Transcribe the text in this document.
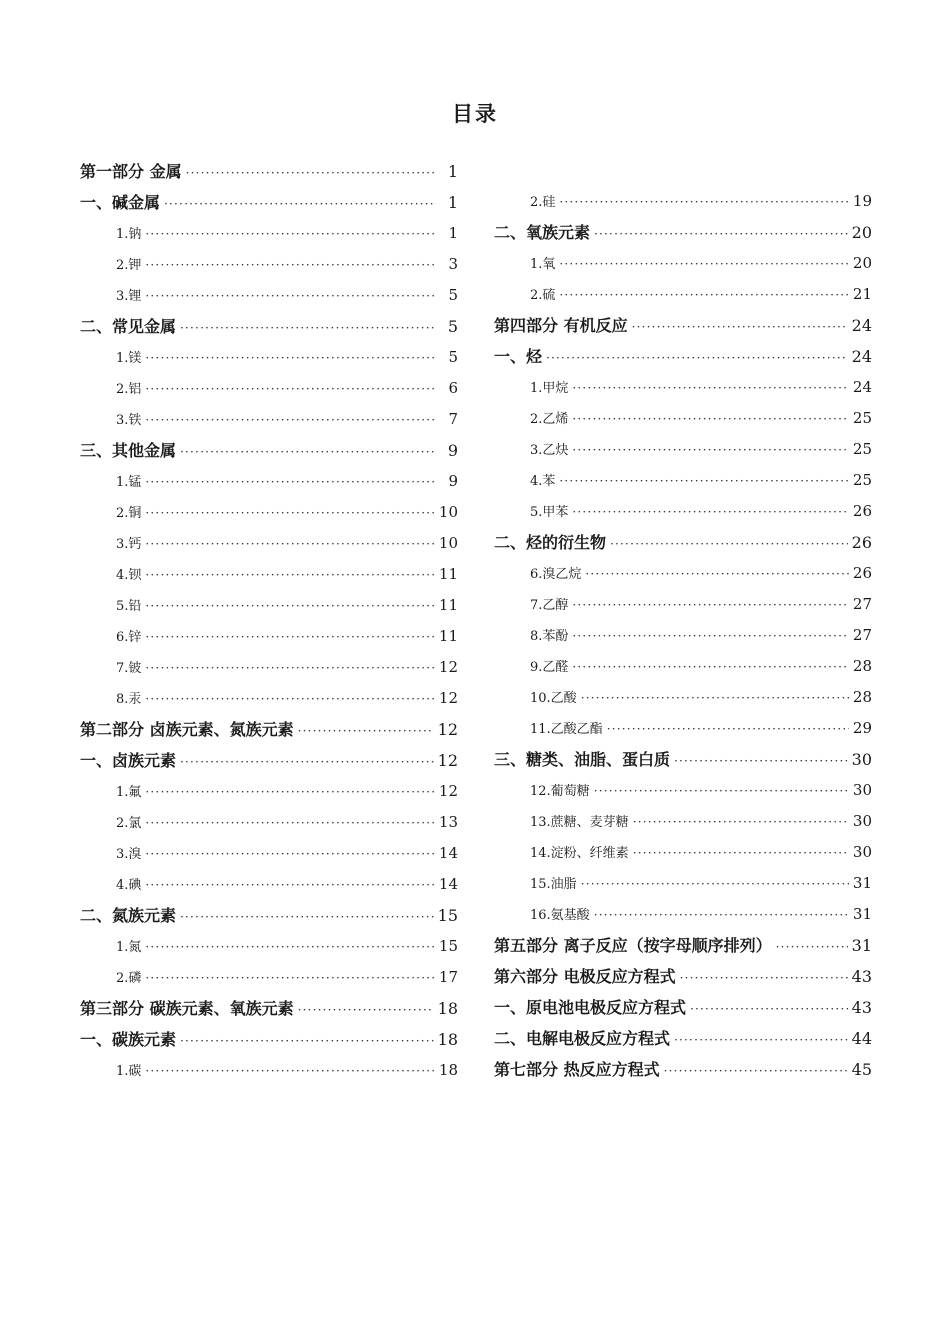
目录
第一部分 金属 ·····	1
一、碱金属 ·····	1
1.钠 ·····	1
2.钾 ·····	3
3.锂 ·····	5
二、常见金属 ·····	5
1.镁 ·····	5
2.铝 ·····	6
3.铁 ·····	7
三、其他金属 ·····	9
1.锰 ·····	9
2.铜 ·····	10
3.钙 ·····	10
4.钡 ·····	11
5.铅 ·····	11
6.锌 ·····	11
7.铍 ·····	12
8.汞 ·····	12
第二部分 卤族元素、氮族元素 ·····	12
一、卤族元素 ·····	12
1.氟 ·····	12
2.氯 ·····	13
3.溴 ·····	14
4.碘 ·····	14
二、氮族元素 ·····	15
1.氮 ·····	15
2.磷 ·····	17
第三部分 碳族元素、氧族元素 ·····	18
一、碳族元素 ·····	18
1.碳 ·····	18
2.硅 ·····	19
二、氧族元素 ·····	20
1.氧 ·····	20
2.硫 ·····	21
第四部分 有机反应 ·····	24
一、烃 ·····	24
1.甲烷 ·····	24
2.乙烯 ·····	25
3.乙炔 ·····	25
4.苯 ·····	25
5.甲苯 ·····	26
二、烃的衍生物 ·····	26
6.溴乙烷 ·····	26
7.乙醇 ·····	27
8.苯酚 ·····	27
9.乙醛 ·····	28
10.乙酸 ·····	28
11.乙酸乙酯 ·····	29
三、糖类、油脂、蛋白质 ·····	30
12.葡萄糖 ·····	30
13.蔗糖、麦芽糖 ·····	30
14.淀粉、纤维素 ·····	30
15.油脂 ·····	31
16.氨基酸 ·····	31
第五部分 离子反应（按字母顺序排列） ·····	31
第六部分 电极反应方程式 ·····	43
一、原电池电极反应方程式 ·····	43
二、电解电极反应方程式 ·····	44
第七部分 热反应方程式 ·····	45
